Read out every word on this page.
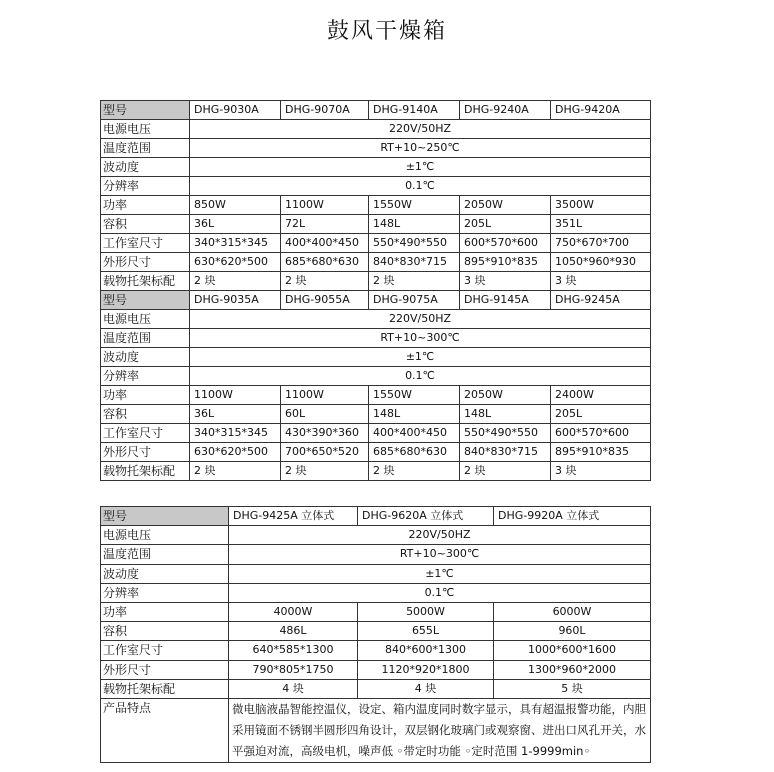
鼓风干燥箱
型号	DHG-9030A	DHG-9070A	DHG-9140A	DHG-9240A	DHG-9420A
电源电压	220V/50HZ				
温度范围	RT+10~250℃				
波动度	±1℃				
分辨率	0.1℃				
功率	850W	1100W	1550W	2050W	3500W
容积	36L	72L	148L	205L	351L
工作室尺寸	340*315*345	400*400*450	550*490*550	600*570*600	750*670*700
外形尺寸	630*620*500	685*680*630	840*830*715	895*910*835	1050*960*930
载物托架标配	2 块	2 块	2 块	3 块	3 块
型号	DHG-9035A	DHG-9055A	DHG-9075A	DHG-9145A	DHG-9245A
电源电压	220V/50HZ				
温度范围	RT+10~300℃				
波动度	±1℃				
分辨率	0.1℃				
功率	1100W	1100W	1550W	2050W	2400W
容积	36L	60L	148L	148L	205L
工作室尺寸	340*315*345	430*390*360	400*400*450	550*490*550	600*570*600
外形尺寸	630*620*500	700*650*520	685*680*630	840*830*715	895*910*835
载物托架标配	2 块	2 块	2 块	2 块	3 块
型号	DHG-9425A 立体式	DHG-9620A 立体式	DHG-9920A 立体式
电源电压	220V/50HZ		
温度范围	RT+10~300℃		
波动度	±1℃		
分辨率	0.1℃		
功率	4000W	5000W	6000W
容积	486L	655L	960L
工作室尺寸	640*585*1300	840*600*1300	1000*600*1600
外形尺寸	790*805*1750	1120*920*1800	1300*960*2000
载物托架标配	4 块	4 块	5 块
产品特点	微电脑液晶智能控温仪，设定、箱内温度同时数字显示，具有超温报警功能，内胆采用镜面不锈钢半圆形四角设计，双层钢化玻璃门或观察窗、进出口风孔开关，水平强迫对流，高级电机，噪声低 ◦带定时功能 ◦定时范围 1-9999min◦		
